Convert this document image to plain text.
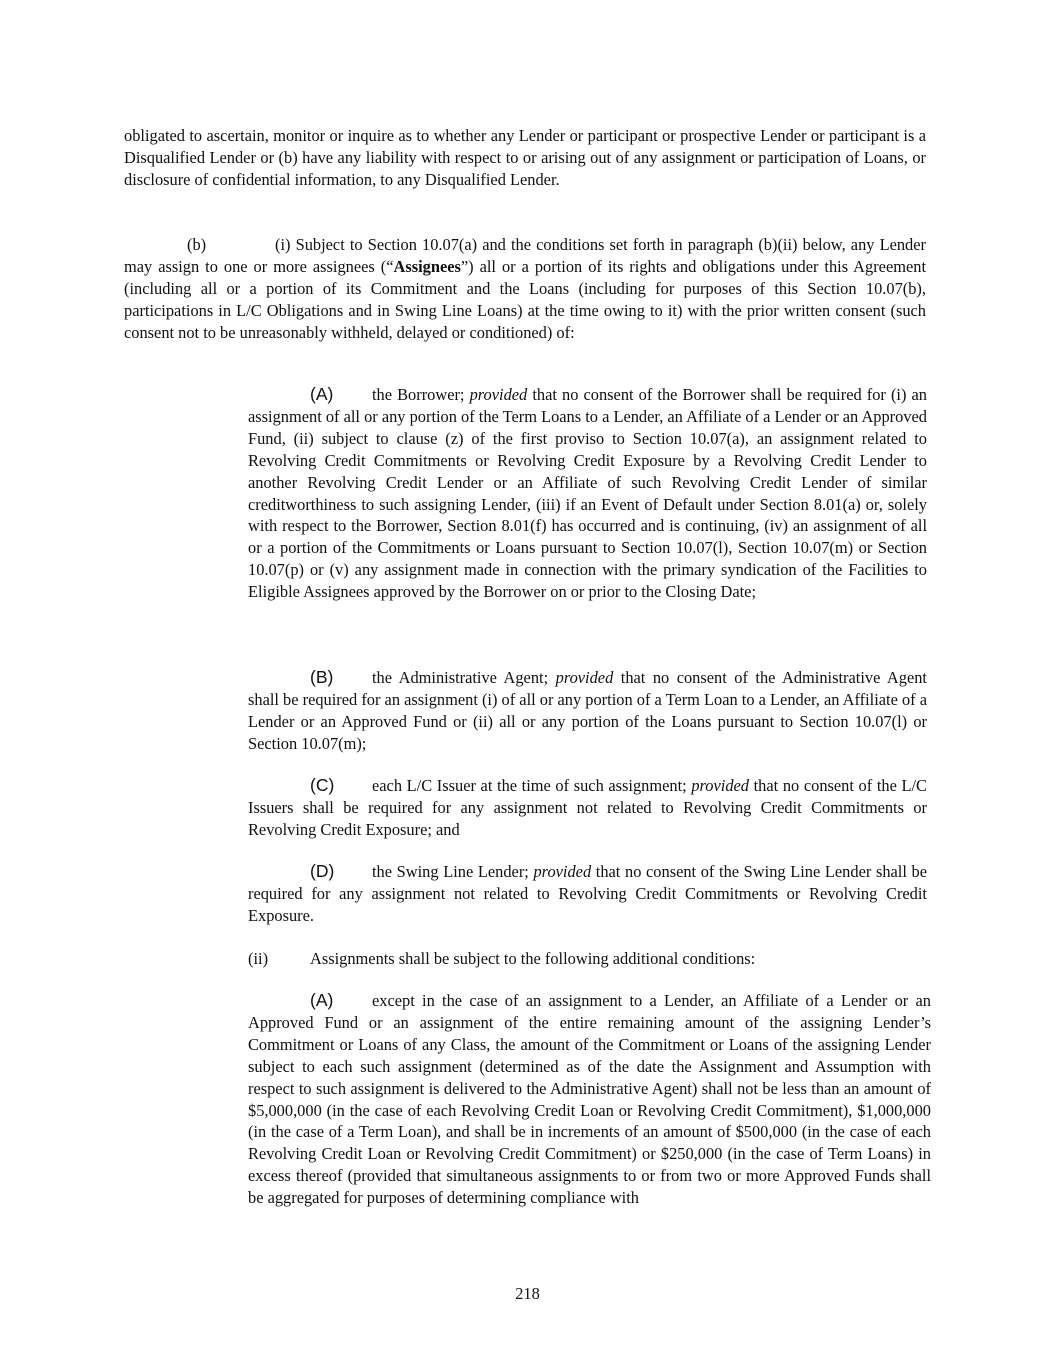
obligated to ascertain, monitor or inquire as to whether any Lender or participant or prospective Lender or participant is a Disqualified Lender or (b) have any liability with respect to or arising out of any assignment or participation of Loans, or disclosure of confidential information, to any Disqualified Lender.

(b)	(i) Subject to Section 10.07(a) and the conditions set forth in paragraph (b)(ii) below, any Lender may assign to one or more assignees (“Assignees”) all or a portion of its rights and obligations under this Agreement (including all or a portion of its Commitment and the Loans (including for purposes of this Section 10.07(b), participations in L/C Obligations and in Swing Line Loans) at the time owing to it) with the prior written consent (such consent not to be unreasonably withheld, delayed or conditioned) of:

(A) the Borrower; provided that no consent of the Borrower shall be required for (i) an assignment of all or any portion of the Term Loans to a Lender, an Affiliate of a Lender or an Approved Fund, (ii) subject to clause (z) of the first proviso to Section 10.07(a), an assignment related to Revolving Credit Commitments or Revolving Credit Exposure by a Revolving Credit Lender to another Revolving Credit Lender or an Affiliate of such Revolving Credit Lender of similar creditworthiness to such assigning Lender, (iii) if an Event of Default under Section 8.01(a) or, solely with respect to the Borrower, Section 8.01(f) has occurred and is continuing, (iv) an assignment of all or a portion of the Commitments or Loans pursuant to Section 10.07(l), Section 10.07(m) or Section 10.07(p) or (v) any assignment made in connection with the primary syndication of the Facilities to Eligible Assignees approved by the Borrower on or prior to the Closing Date;

(B) the Administrative Agent; provided that no consent of the Administrative Agent shall be required for an assignment (i) of all or any portion of a Term Loan to a Lender, an Affiliate of a Lender or an Approved Fund or (ii) all or any portion of the Loans pursuant to Section 10.07(l) or Section 10.07(m);

(C) each L/C Issuer at the time of such assignment; provided that no consent of the L/C Issuers shall be required for any assignment not related to Revolving Credit Commitments or Revolving Credit Exposure; and

(D) the Swing Line Lender; provided that no consent of the Swing Line Lender shall be required for any assignment not related to Revolving Credit Commitments or Revolving Credit Exposure.

(ii)	Assignments shall be subject to the following additional conditions:

(A) except in the case of an assignment to a Lender, an Affiliate of a Lender or an Approved Fund or an assignment of the entire remaining amount of the assigning Lender’s Commitment or Loans of any Class, the amount of the Commitment or Loans of the assigning Lender subject to each such assignment (determined as of the date the Assignment and Assumption with respect to such assignment is delivered to the Administrative Agent) shall not be less than an amount of $5,000,000 (in the case of each Revolving Credit Loan or Revolving Credit Commitment), $1,000,000 (in the case of a Term Loan), and shall be in increments of an amount of $500,000 (in the case of each Revolving Credit Loan or Revolving Credit Commitment) or $250,000 (in the case of Term Loans) in excess thereof (provided that simultaneous assignments to or from two or more Approved Funds shall be aggregated for purposes of determining compliance with

218
